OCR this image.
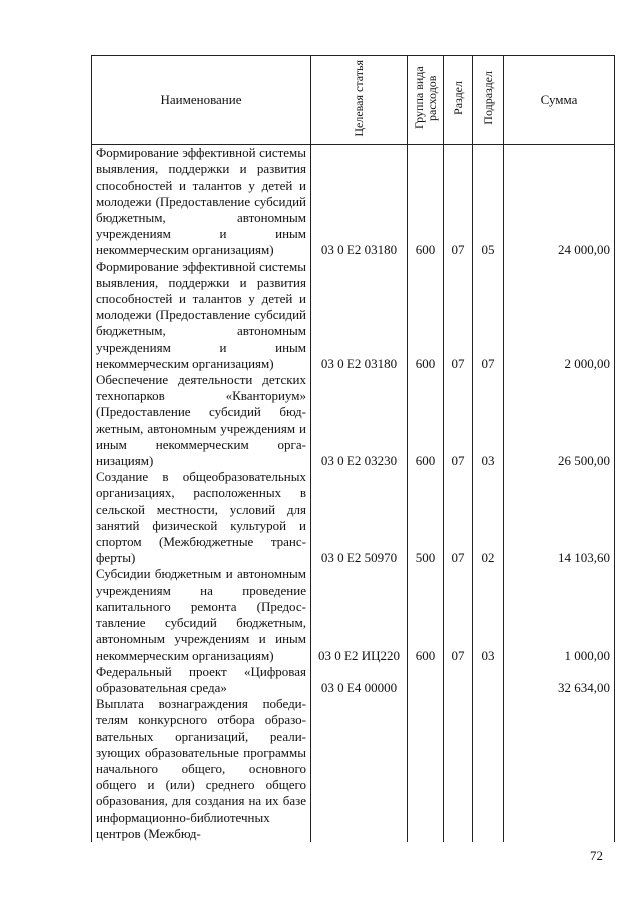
Наименование	Целевая статья	Группа вида расходов	Раздел	Подраздел	Сумма
Формирование эффективной системы выявления, поддержки и развития способностей и талантов у детей и молодежи (Предоставление субсидий бюджетным, автономным учреждениям и иным некоммерческим организациям)	03 0 Е2 03180	600	07	05	24 000,00
Формирование эффективной системы выявления, поддержки и развития способностей и талантов у детей и молодежи (Предоставление субсидий бюджетным, автономным учреждениям и иным некоммерческим организациям)	03 0 Е2 03180	600	07	07	2 000,00
Обеспечение деятельности детских технопарков «Кванториум» (Предоставление субсидий бюджетным, автономным учреждениям и иным некоммерческим организациям)	03 0 Е2 03230	600	07	03	26 500,00
Создание в общеобразовательных организациях, расположенных в сельской местности, условий для занятий физической культурой и спортом (Межбюджетные трансферты)	03 0 Е2 50970	500	07	02	14 103,60
Субсидии бюджетным и автономным учреждениям на проведение капитального ремонта (Предоставление субсидий бюджетным, автономным учреждениям и иным некоммерческим организациям)	03 0 Е2 ИЦ220	600	07	03	1 000,00
Федеральный проект «Цифровая образовательная среда»	03 0 Е4 00000				32 634,00
Выплата вознаграждения победителям конкурсного отбора образовательных организаций, реализующих образовательные программы начального общего, основного общего и (или) среднего общего образования, для создания на их базе информационно-библиотечных центров (Межбюд-					
72
